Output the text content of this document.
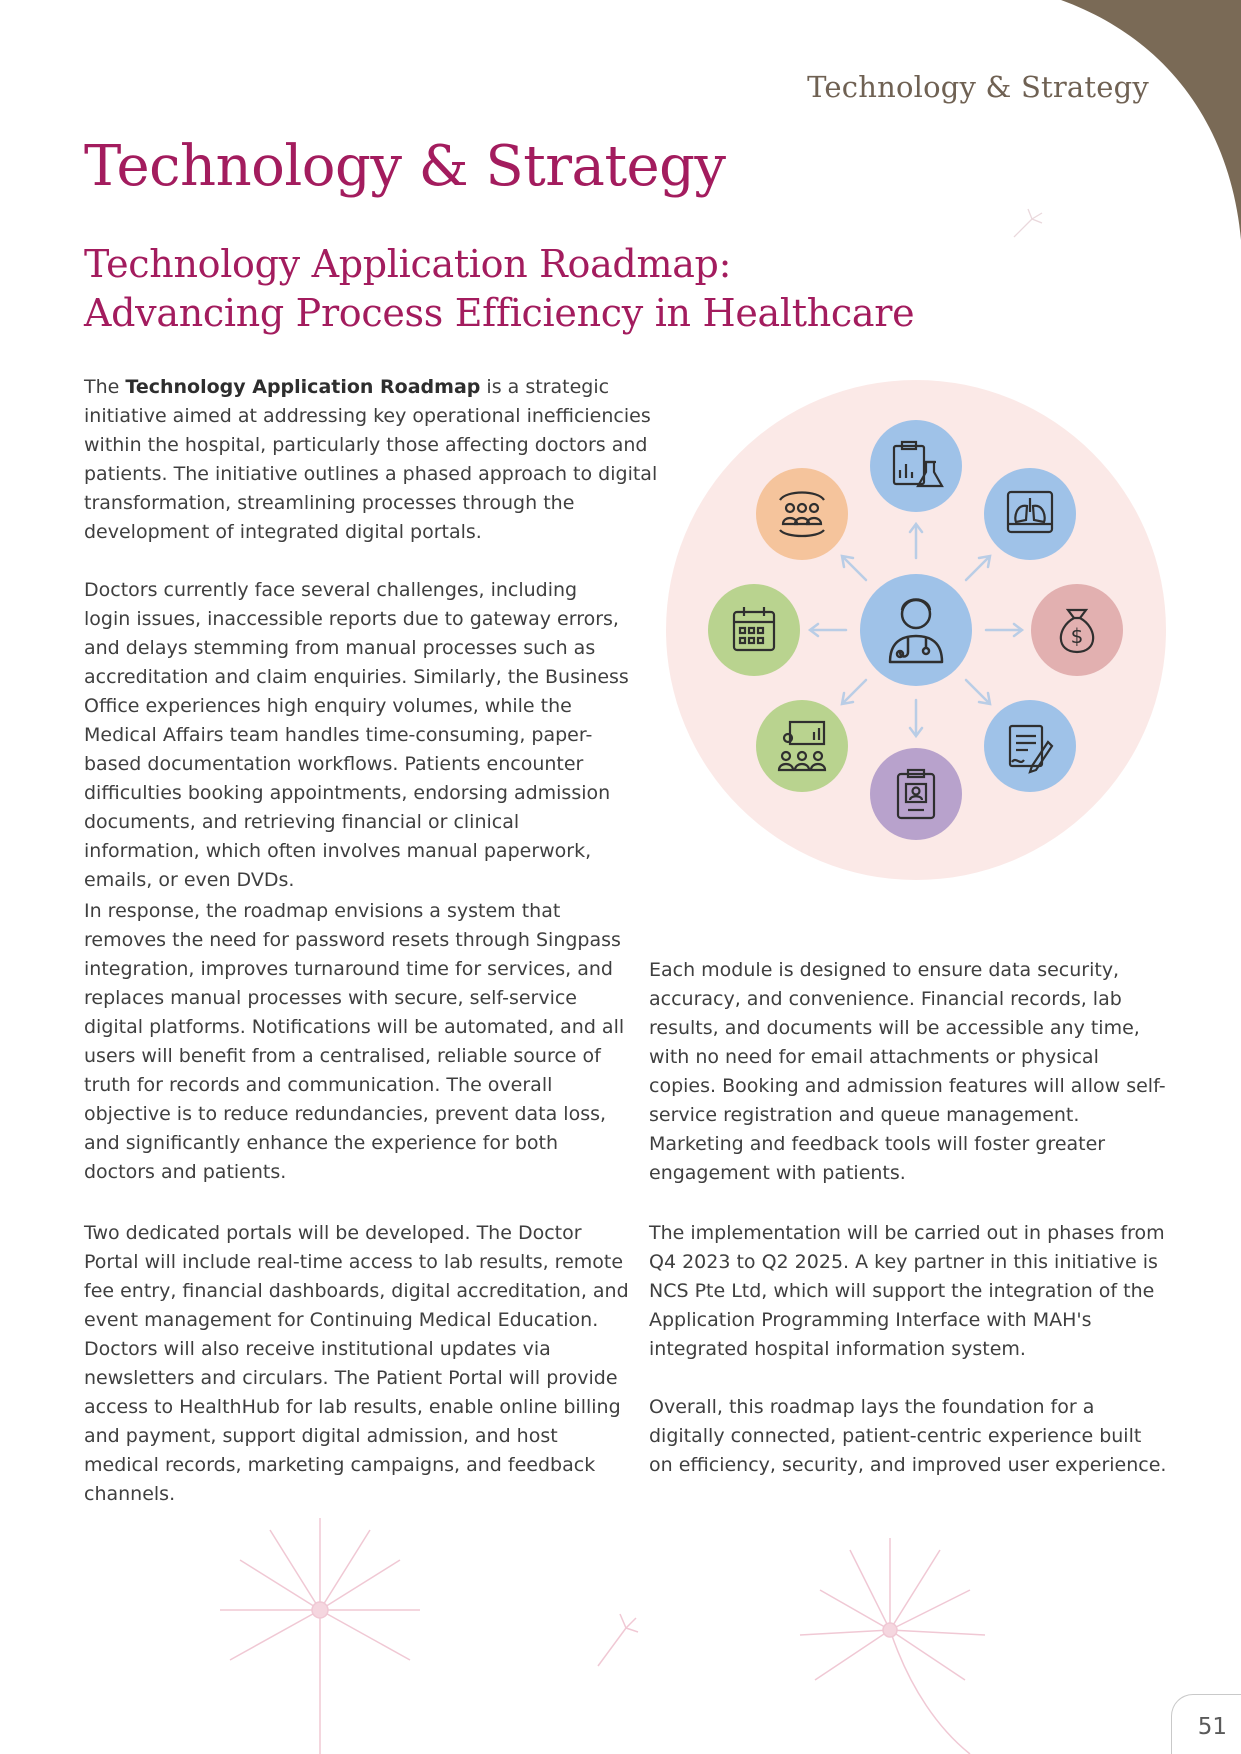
Technology & Strategy
Technology & Strategy
Technology Application Roadmap:
Advancing Process Efficiency in Healthcare

The Technology Application Roadmap is a strategic initiative aimed at addressing key operational inefficiencies within the hospital, particularly those affecting doctors and patients. The initiative outlines a phased approach to digital transformation, streamlining processes through the development of integrated digital portals.

Doctors currently face several challenges, including login issues, inaccessible reports due to gateway errors, and delays stemming from manual processes such as accreditation and claim enquiries. Similarly, the Business Office experiences high enquiry volumes, while the Medical Affairs team handles time-consuming, paper-based documentation workflows. Patients encounter difficulties booking appointments, endorsing admission documents, and retrieving financial or clinical information, which often involves manual paperwork, emails, or even DVDs.

In response, the roadmap envisions a system that removes the need for password resets through Singpass integration, improves turnaround time for services, and replaces manual processes with secure, self-service digital platforms. Notifications will be automated, and all users will benefit from a centralised, reliable source of truth for records and communication. The overall objective is to reduce redundancies, prevent data loss, and significantly enhance the experience for both doctors and patients.

Two dedicated portals will be developed. The Doctor Portal will include real-time access to lab results, remote fee entry, financial dashboards, digital accreditation, and event management for Continuing Medical Education. Doctors will also receive institutional updates via newsletters and circulars. The Patient Portal will provide access to HealthHub for lab results, enable online billing and payment, support digital admission, and host medical records, marketing campaigns, and feedback channels.

Each module is designed to ensure data security, accuracy, and convenience. Financial records, lab results, and documents will be accessible any time, with no need for email attachments or physical copies. Booking and admission features will allow self-service registration and queue management. Marketing and feedback tools will foster greater engagement with patients.

The implementation will be carried out in phases from Q4 2023 to Q2 2025. A key partner in this initiative is NCS Pte Ltd, which will support the integration of the Application Programming Interface with MAH's integrated hospital information system.

Overall, this roadmap lays the foundation for a digitally connected, patient-centric experience built on efficiency, security, and improved user experience.

$
51
